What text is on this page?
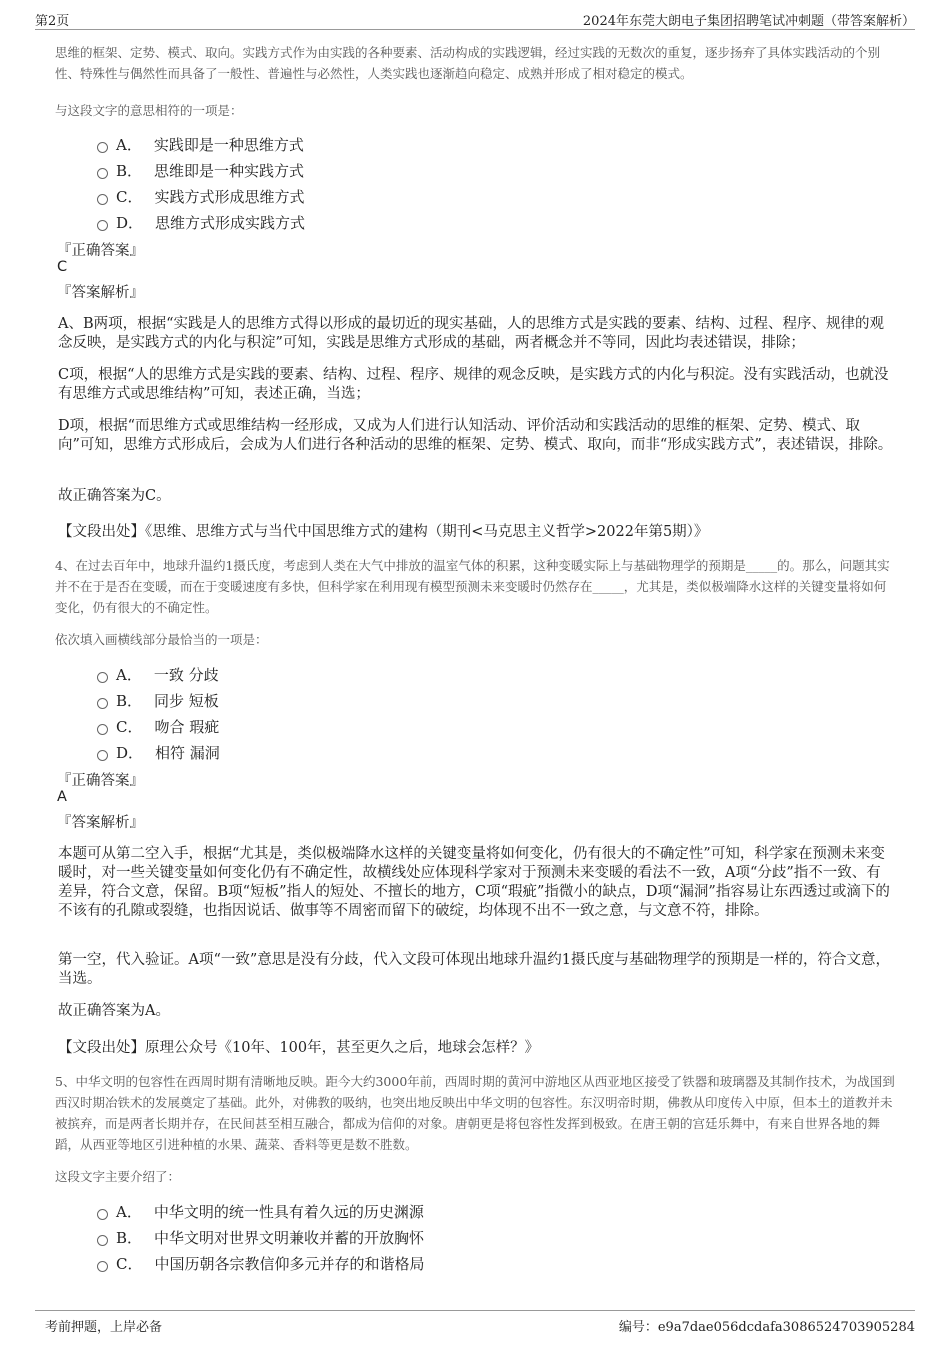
第2页	2024年东莞大朗电子集团招聘笔试冲刺题（带答案解析）
思维的框架、定势、模式、取向。实践方式作为由实践的各种要素、活动构成的实践逻辑，经过实践的无数次的重复，逐步扬弃了具体实践活动的个别性、特殊性与偶然性而具备了一般性、普遍性与必然性，人类实践也逐渐趋向稳定、成熟并形成了相对稳定的模式。
与这段文字的意思相符的一项是：
A． 实践即是一种思维方式
B． 思维即是一种实践方式
C． 实践方式形成思维方式
D． 思维方式形成实践方式
『正确答案』
C
『答案解析』
A、B两项，根据“实践是人的思维方式得以形成的最切近的现实基础，人的思维方式是实践的要素、结构、过程、程序、规律的观念反映，是实践方式的内化与积淀”可知，实践是思维方式形成的基础，两者概念并不等同，因此均表述错误，排除；
C项，根据“人的思维方式是实践的要素、结构、过程、程序、规律的观念反映，是实践方式的内化与积淀。没有实践活动，也就没有思维方式或思维结构”可知，表述正确，当选；
D项，根据“而思维方式或思维结构一经形成，又成为人们进行认知活动、评价活动和实践活动的思维的框架、定势、模式、取向”可知，思维方式形成后，会成为人们进行各种活动的思维的框架、定势、模式、取向，而非“形成实践方式”，表述错误，排除。
故正确答案为C。
【文段出处】《思维、思维方式与当代中国思维方式的建构（期刊<马克思主义哲学>2022年第5期）》
4、在过去百年中，地球升温约1摄氏度，考虑到人类在大气中排放的温室气体的积累，这种变暖实际上与基础物理学的预期是_____的。那么，问题其实并不在于是否在变暖，而在于变暖速度有多快，但科学家在利用现有模型预测未来变暖时仍然存在_____，尤其是，类似极端降水这样的关键变量将如何变化，仍有很大的不确定性。
依次填入画横线部分最恰当的一项是：
A． 一致 分歧
B． 同步 短板
C． 吻合 瑕疵
D． 相符 漏洞
『正确答案』
A
『答案解析』
本题可从第二空入手，根据“尤其是，类似极端降水这样的关键变量将如何变化，仍有很大的不确定性”可知，科学家在预测未来变暖时，对一些关键变量如何变化仍有不确定性，故横线处应体现科学家对于预测未来变暖的看法不一致，A项“分歧”指不一致、有差异，符合文意，保留。B项“短板”指人的短处、不擅长的地方，C项“瑕疵”指微小的缺点，D项“漏洞”指容易让东西透过或滴下的不该有的孔隙或裂缝，也指因说话、做事等不周密而留下的破绽，均体现不出不一致之意，与文意不符，排除。
第一空，代入验证。A项“一致”意思是没有分歧，代入文段可体现出地球升温约1摄氏度与基础物理学的预期是一样的，符合文意，当选。
故正确答案为A。
【文段出处】原理公众号《10年、100年，甚至更久之后，地球会怎样？》
5、中华文明的包容性在西周时期有清晰地反映。距今大约3000年前，西周时期的黄河中游地区从西亚地区接受了铁器和玻璃器及其制作技术，为战国到西汉时期冶铁术的发展奠定了基础。此外，对佛教的吸纳，也突出地反映出中华文明的包容性。东汉明帝时期，佛教从印度传入中原，但本土的道教并未被摈弃，而是两者长期并存，在民间甚至相互融合，都成为信仰的对象。唐朝更是将包容性发挥到极致。在唐王朝的宫廷乐舞中，有来自世界各地的舞蹈，从西亚等地区引进种植的水果、蔬菜、香料等更是数不胜数。
这段文字主要介绍了：
A． 中华文明的统一性具有着久远的历史渊源
B． 中华文明对世界文明兼收并蓄的开放胸怀
C． 中国历朝各宗教信仰多元并存的和谐格局
考前押题，上岸必备	编号：e9a7dae056dcdafa3086524703905284
